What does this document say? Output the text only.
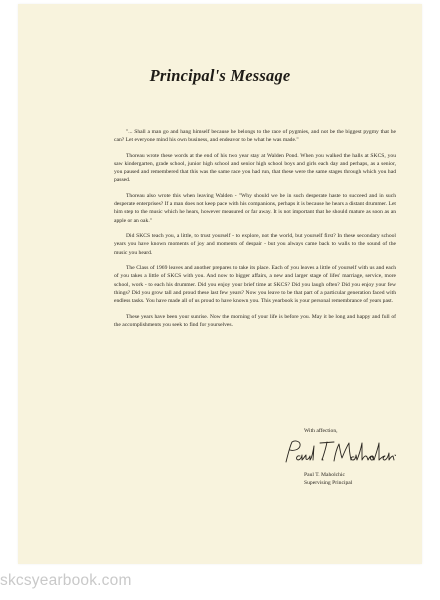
Principal's Message

"... Shall a man go and hang himself because he belongs to the race of pygmies, and not be the biggest pygmy that he can? Let everyone mind his own business, and endeavor to be what he was made."

Thoreau wrote these words at the end of his two year stay at Walden Pond. When you walked the halls at SKCS, you saw kindergarten, grade school, junior high school and senior high school boys and girls each day and perhaps, as a senior, you paused and remembered that this was the same race you had run, that these were the same stages through which you had passed.

Thoreau also wrote this when leaving Walden - "Why should we be in such desperate haste to succeed and in such desperate enterprises? If a man does not keep pace with his companions, perhaps it is because he hears a distant drummer. Let him step to the music which he hears, however measured or far away. It is not important that he should mature as soon as an apple or an oak."

Did SKCS teach you, a little, to trust yourself - to explore, not the world, but yourself first? In these secondary school years you have known moments of joy and moments of despair - but you always came back to walls to the sound of the music you heard.

The Class of 1969 leaves and another prepares to take its place. Each of you leaves a little of yourself with us and each of you takes a little of SKCS with you. And now to bigger affairs, a new and larger stage of lifes' marriage, service, more school, work - to each his drummer. Did you enjoy your brief time at SKCS? Did you laugh often? Did you enjoy your few things? Did you grow tall and proud these last few years? Now you leave to be that part of a particular generation faced with endless tasks. You have made all of us proud to have known you. This yearbook is your personal remembrance of years past.

These years have been your sunrise. Now the morning of your life is before you. May it be long and happy and full of the accomplishments you seek to find for yourselves.

With affection,
Paul T. Maholchic
Supervising Principal
skcsyearbook.com
